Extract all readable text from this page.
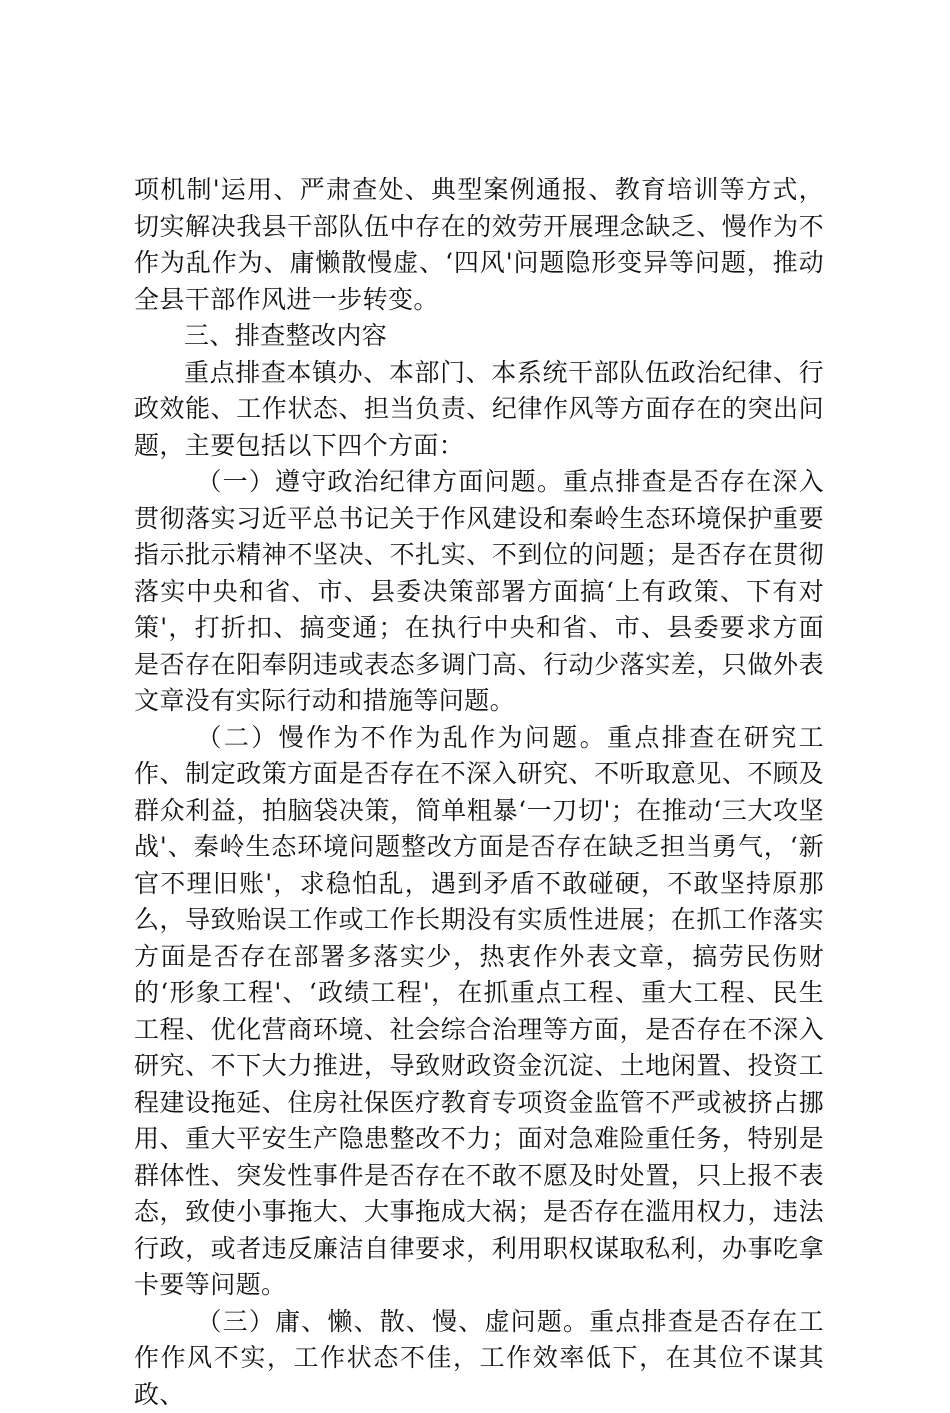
项机制'运用、严肃查处、典型案例通报、教育培训等方式，切实解决我县干部队伍中存在的效劳开展理念缺乏、慢作为不作为乱作为、庸懒散慢虚、‘四风'问题隐形变异等问题，推动全县干部作风进一步转变。

三、排查整改内容

重点排查本镇办、本部门、本系统干部队伍政治纪律、行政效能、工作状态、担当负责、纪律作风等方面存在的突出问题，主要包括以下四个方面：

（一）遵守政治纪律方面问题。重点排查是否存在深入贯彻落实习近平总书记关于作风建设和秦岭生态环境保护重要指示批示精神不坚决、不扎实、不到位的问题；是否存在贯彻落实中央和省、市、县委决策部署方面搞‘上有政策、下有对策'，打折扣、搞变通；在执行中央和省、市、县委要求方面是否存在阳奉阴违或表态多调门高、行动少落实差，只做外表文章没有实际行动和措施等问题。

（二）慢作为不作为乱作为问题。重点排查在研究工作、制定政策方面是否存在不深入研究、不听取意见、不顾及群众利益，拍脑袋决策，简单粗暴‘一刀切'；在推动‘三大攻坚战'、秦岭生态环境问题整改方面是否存在缺乏担当勇气，‘新官不理旧账'，求稳怕乱，遇到矛盾不敢碰硬，不敢坚持原那么，导致贻误工作或工作长期没有实质性进展；在抓工作落实方面是否存在部署多落实少，热衷作外表文章，搞劳民伤财的‘形象工程'、‘政绩工程'，在抓重点工程、重大工程、民生工程、优化营商环境、社会综合治理等方面，是否存在不深入研究、不下大力推进，导致财政资金沉淀、土地闲置、投资工程建设拖延、住房社保医疗教育专项资金监管不严或被挤占挪用、重大平安生产隐患整改不力；面对急难险重任务，特别是群体性、突发性事件是否存在不敢不愿及时处置，只上报不表态，致使小事拖大、大事拖成大祸；是否存在滥用权力，违法行政，或者违反廉洁自律要求，利用职权谋取私利，办事吃拿卡要等问题。

（三）庸、懒、散、慢、虚问题。重点排查是否存在工作作风不实，工作状态不佳，工作效率低下，在其位不谋其政、
